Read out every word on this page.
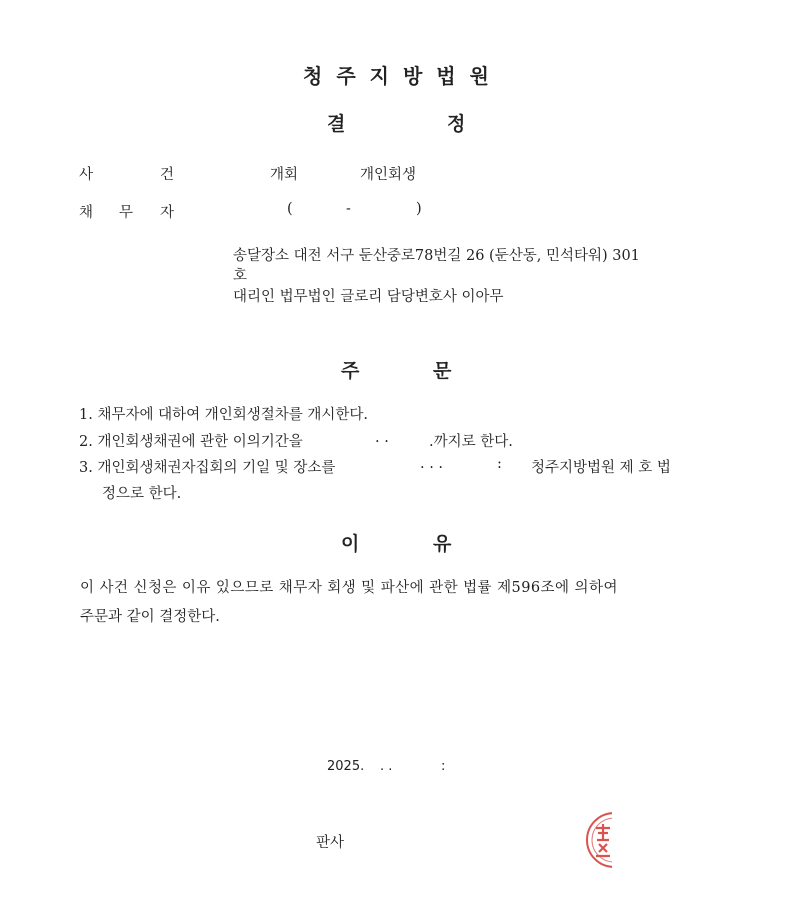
청주지방법원
결	정
사	건	개회	개인회생
채 무 자	(	-	)
송달장소 대전 서구 둔산중로78번길 26 (둔산동, 민석타워) 301
호
대리인 법무법인 글로리 담당변호사 이아무
주	문
1. 채무자에 대하여 개인회생절차를 개시한다.
2. 개인회생채권에 관한 이의기간을	. .	.까지로 한다.
3. 개인회생채권자집회의 기일 및 장소를	. . .	: 청주지방법원 제 호 법
정으로 한다.
이	유
이 사건 신청은 이유 있으므로 채무자 회생 및 파산에 관한 법률 제596조에 의하여
주문과 같이 결정한다.
2025. . .	:
판사
